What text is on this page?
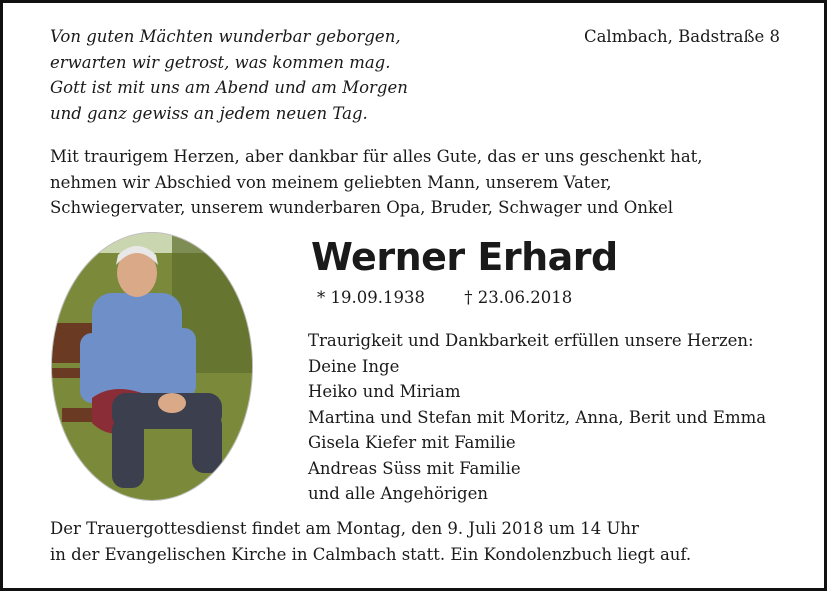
Von guten Mächten wunderbar geborgen,
erwarten wir getrost, was kommen mag.
Gott ist mit uns am Abend und am Morgen
und ganz gewiss an jedem neuen Tag.
Calmbach, Badstraße 8
Mit traurigem Herzen, aber dankbar für alles Gute, das er uns geschenkt hat,
nehmen wir Abschied von meinem geliebten Mann, unserem Vater,
Schwiegervater, unserem wunderbaren Opa, Bruder, Schwager und Onkel
Werner Erhard
* 19.09.1938 † 23.06.2018
Traurigkeit und Dankbarkeit erfüllen unsere Herzen:
Deine Inge
Heiko und Miriam
Martina und Stefan mit Moritz, Anna, Berit und Emma
Gisela Kiefer mit Familie
Andreas Süss mit Familie
und alle Angehörigen
Der Trauergottesdienst findet am Montag, den 9. Juli 2018 um 14 Uhr
in der Evangelischen Kirche in Calmbach statt. Ein Kondolenzbuch liegt auf.
